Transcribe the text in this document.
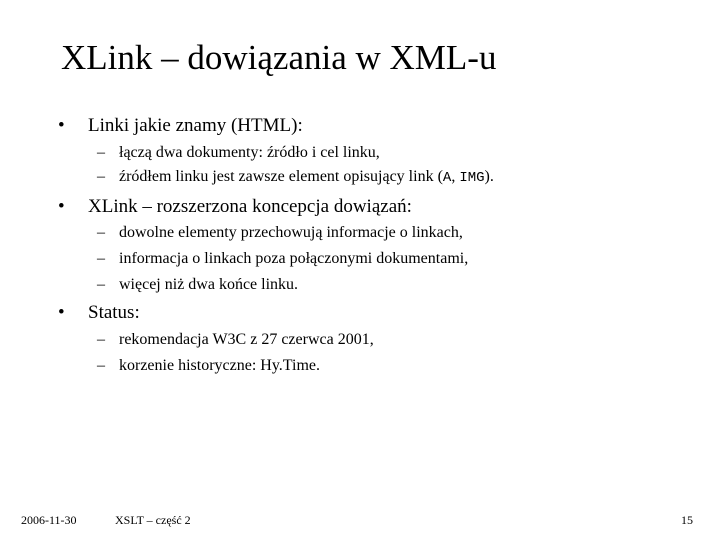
XLink – dowiązania w XML-u
• Linki jakie znamy (HTML):
– łączą dwa dokumenty: źródło i cel linku,
– źródłem linku jest zawsze element opisujący link (A, IMG).
• XLink – rozszerzona koncepcja dowiązań:
– dowolne elementy przechowują informacje o linkach,
– informacja o linkach poza połączonymi dokumentami,
– więcej niż dwa końce linku.
• Status:
– rekomendacja W3C z 27 czerwca 2001,
– korzenie historyczne: Hy.Time.
2006-11-30	XSLT – część 2	15
